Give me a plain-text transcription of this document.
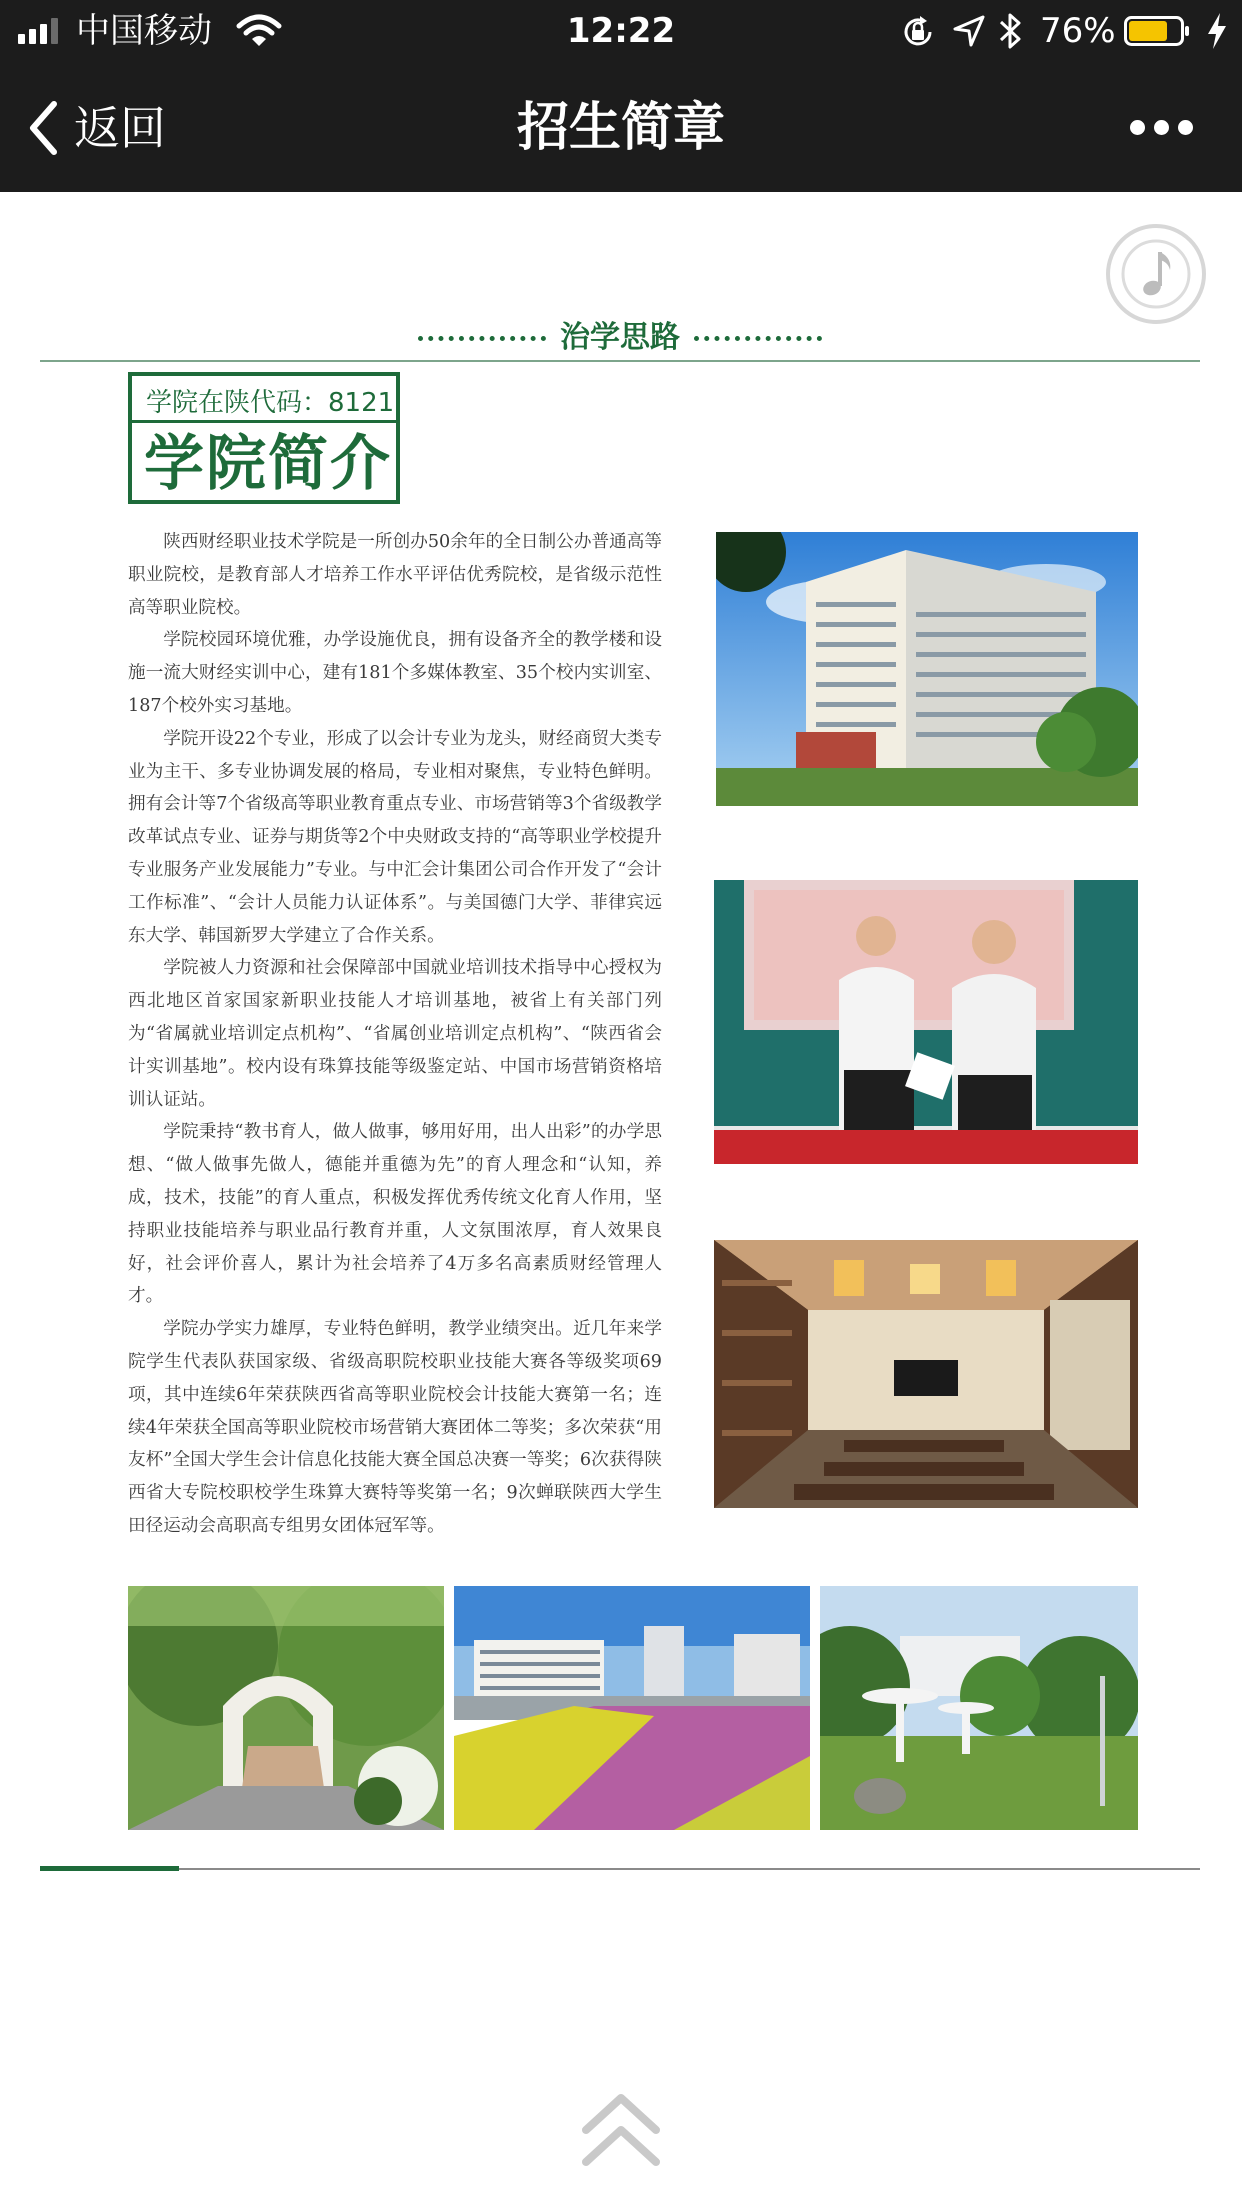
中国移动	12:22	76%
返回	招生简章
治学思路
学院在陕代码：8121
学院简介

陕西财经职业技术学院是一所创办50余年的全日制公办普通高等职业院校，是教育部人才培养工作水平评估优秀院校，是省级示范性高等职业院校。

学院校园环境优雅，办学设施优良，拥有设备齐全的教学楼和设施一流大财经实训中心，建有181个多媒体教室、35个校内实训室、187个校外实习基地。

学院开设22个专业，形成了以会计专业为龙头，财经商贸大类专业为主干、多专业协调发展的格局，专业相对聚焦，专业特色鲜明。拥有会计等7个省级高等职业教育重点专业、市场营销等3个省级教学改革试点专业、证券与期货等2个中央财政支持的“高等职业学校提升专业服务产业发展能力”专业。与中汇会计集团公司合作开发了“会计工作标准”、“会计人员能力认证体系”。与美国德门大学、菲律宾远东大学、韩国新罗大学建立了合作关系。

学院被人力资源和社会保障部中国就业培训技术指导中心授权为西北地区首家国家新职业技能人才培训基地，被省上有关部门列为“省属就业培训定点机构”、“省属创业培训定点机构”、“陕西省会计实训基地”。校内设有珠算技能等级鉴定站、中国市场营销资格培训认证站。

学院秉持“教书育人，做人做事，够用好用，出人出彩”的办学思想、“做人做事先做人，德能并重德为先”的育人理念和“认知，养成，技术，技能”的育人重点，积极发挥优秀传统文化育人作用，坚持职业技能培养与职业品行教育并重，人文氛围浓厚，育人效果良好，社会评价喜人，累计为社会培养了4万多名高素质财经管理人才。

学院办学实力雄厚，专业特色鲜明，教学业绩突出。近几年来学院学生代表队获国家级、省级高职院校职业技能大赛各等级奖项69项，其中连续6年荣获陕西省高等职业院校会计技能大赛第一名；连续4年荣获全国高等职业院校市场营销大赛团体二等奖；多次荣获“用友杯”全国大学生会计信息化技能大赛全国总决赛一等奖；6次获得陕西省大专院校职校学生珠算大赛特等奖第一名；9次蝉联陕西大学生田径运动会高职高专组男女团体冠军等。
